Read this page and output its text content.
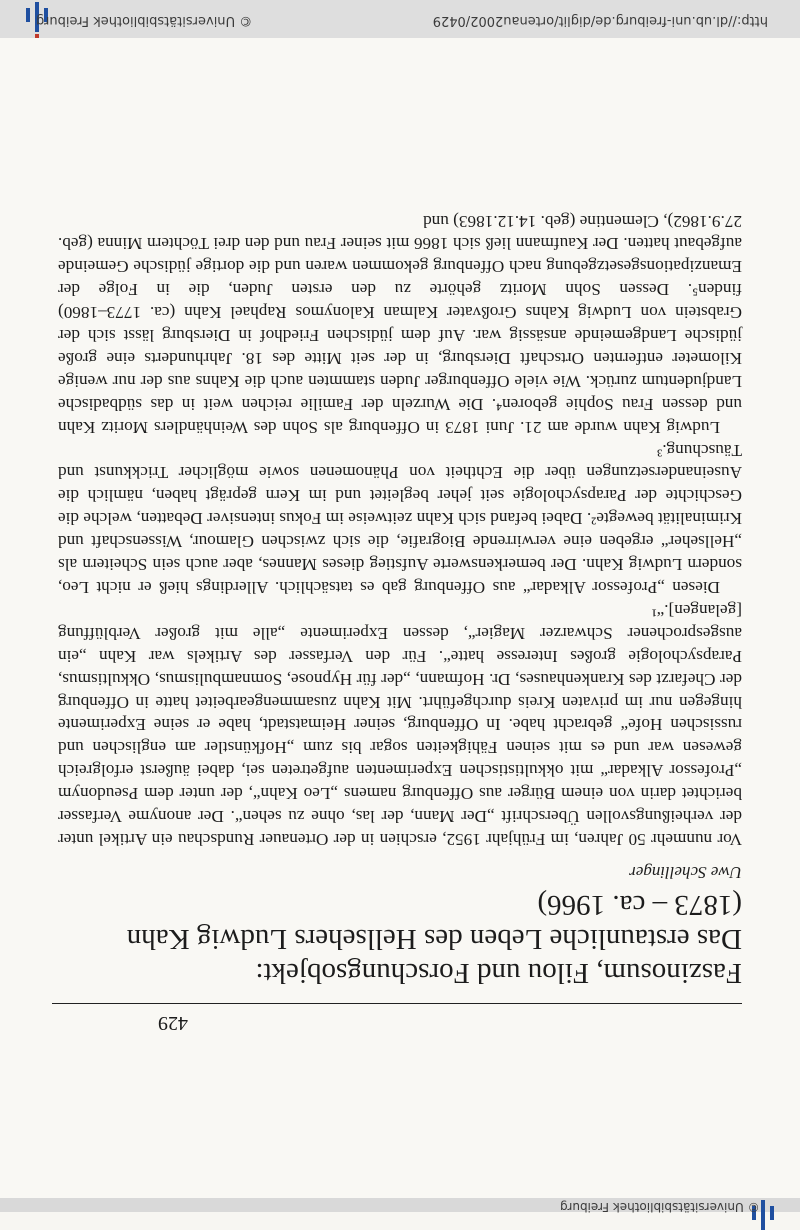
http://dl.ub.uni-freiburg.de/diglit/ortenau2002/0429
© Universitätsbibliothek Freiburg
© Universitätsbibliothek Freiburg
429
Faszinosum, Filou und Forschungsobjekt:
Das erstaunliche Leben des Hellsehers Ludwig Kahn
(1873 – ca. 1966)
Uwe Schellinger

Vor nunmehr 50 Jahren, im Frühjahr 1952, erschien in der Ortenauer Rundschau ein Artikel unter der verheißungsvollen Überschrift „Der Mann, der las, ohne zu sehen“. Der anonyme Verfasser berichtet darin von einem Bürger aus Offenburg namens „Leo Kahn“, der unter dem Pseudonym „Professor Alkadar“ mit okkultistischen Experimenten aufgetreten sei, dabei äußerst erfolgreich gewesen war und es mit seinen Fähigkeiten sogar bis zum „Hofkünstler am englischen und russischen Hofe“ gebracht habe. In Offenburg, seiner Heimatstadt, habe er seine Experimente hingegen nur im privaten Kreis durchgeführt. Mit Kahn zusammengearbeitet hatte in Offenburg der Chefarzt des Krankenhauses, Dr. Hofmann, „der für Hypnose, Somnambulismus, Okkultismus, Parapsychologie großes Interesse hatte“. Für den Verfasser des Artikels war Kahn „ein ausgesprochener Schwarzer Magier“, dessen Experimente „alle mit großer Verblüffung [gelangen].“¹

Diesen „Professor Alkadar“ aus Offenburg gab es tatsächlich. Allerdings hieß er nicht Leo, sondern Ludwig Kahn. Der bemerkenswerte Aufstieg dieses Mannes, aber auch sein Scheitern als „Hellseher“ ergeben eine verwirrende Biografie, die sich zwischen Glamour, Wissenschaft und Kriminalität bewegte². Dabei befand sich Kahn zeitweise im Fokus intensiver Debatten, welche die Geschichte der Parapsychologie seit jeher begleitet und im Kern geprägt haben, nämlich die Auseinandersetzungen über die Echtheit von Phänomenen sowie möglicher Trickkunst und Täuschung.³

Ludwig Kahn wurde am 21. Juni 1873 in Offenburg als Sohn des Weinhändlers Moritz Kahn und dessen Frau Sophie geboren⁴. Die Wurzeln der Familie reichen weit in das südbadische Landjudentum zurück. Wie viele Offenburger Juden stammten auch die Kahns aus der nur wenige Kilometer entfernten Ortschaft Diersburg, in der seit Mitte des 18. Jahrhunderts eine große jüdische Landgemeinde ansässig war. Auf dem jüdischen Friedhof in Diersburg lässt sich der Grabstein von Ludwig Kahns Großvater Kalman Kalonymos Raphael Kahn (ca. 1773–1860) finden⁵. Dessen Sohn Moritz gehörte zu den ersten Juden, die in Folge der Emanzipationsgesetzgebung nach Offenburg gekommen waren und die dortige jüdische Gemeinde aufgebaut hatten. Der Kaufmann ließ sich 1866 mit seiner Frau und den drei Töchtern Minna (geb. 27.9.1862), Clementine (geb. 14.12.1863) und
